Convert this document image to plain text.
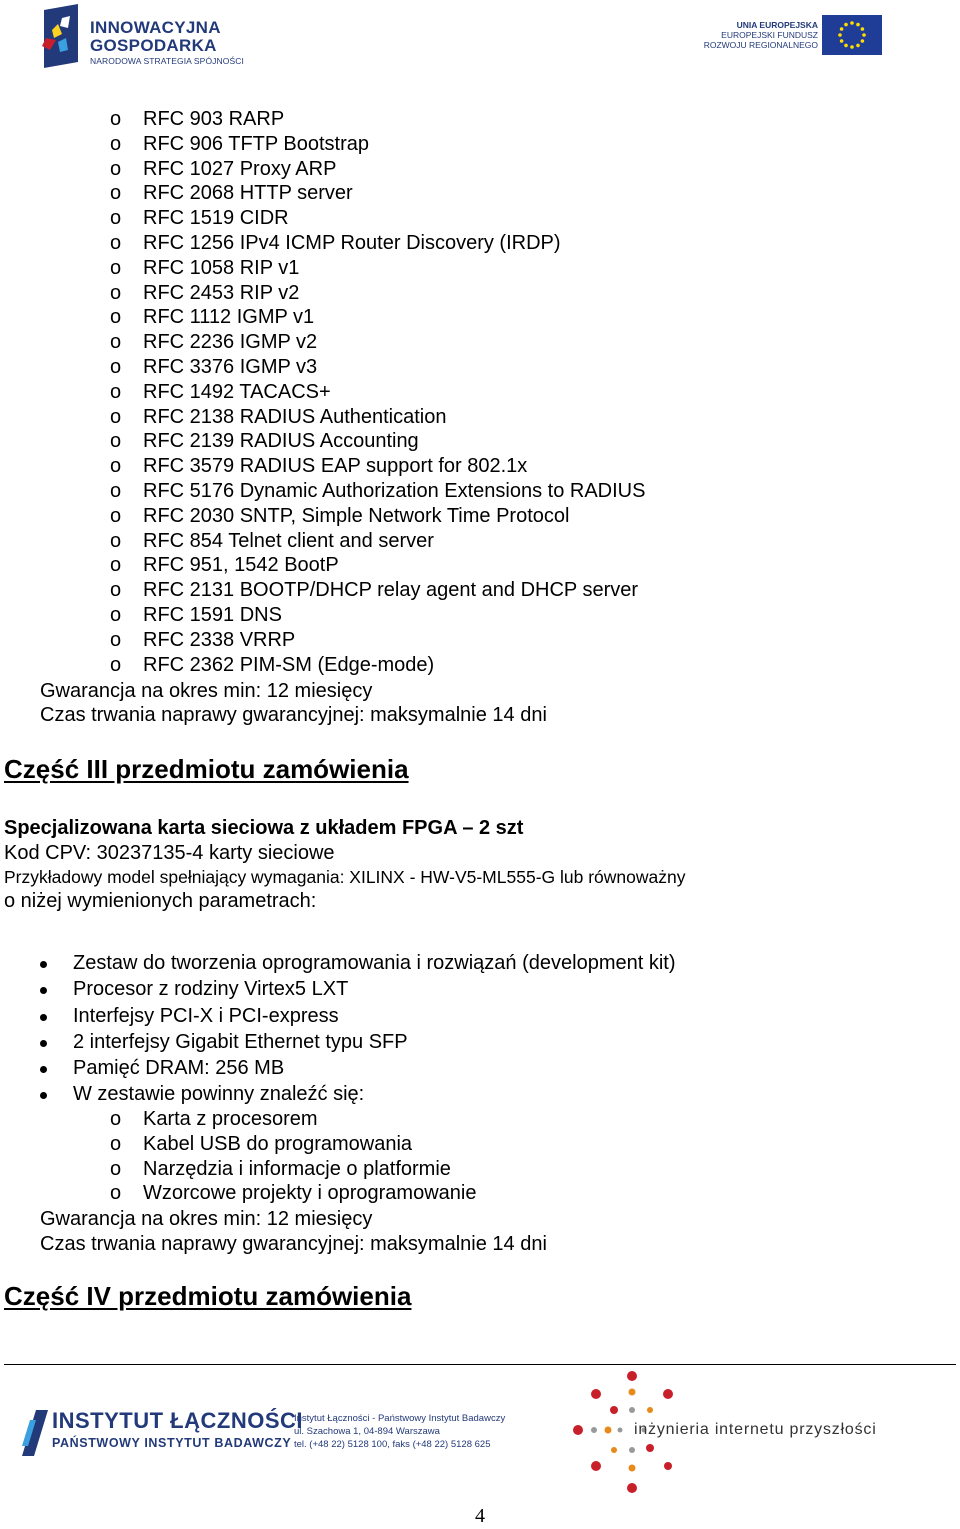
INNOWACYJNA
GOSPODARKA
NARODOWA STRATEGIA SPÓJNOŚCI
UNIA EUROPEJSKA
EUROPEJSKI FUNDUSZ
ROZWOJU REGIONALNEGO
o RFC 903 RARP
o RFC 906 TFTP Bootstrap
o RFC 1027 Proxy ARP
o RFC 2068 HTTP server
o RFC 1519 CIDR
o RFC 1256 IPv4 ICMP Router Discovery (IRDP)
o RFC 1058 RIP v1
o RFC 2453 RIP v2
o RFC 1112 IGMP v1
o RFC 2236 IGMP v2
o RFC 3376 IGMP v3
o RFC 1492 TACACS+
o RFC 2138 RADIUS Authentication
o RFC 2139 RADIUS Accounting
o RFC 3579 RADIUS EAP support for 802.1x
o RFC 5176 Dynamic Authorization Extensions to RADIUS
o RFC 2030 SNTP, Simple Network Time Protocol
o RFC 854 Telnet client and server
o RFC 951, 1542 BootP
o RFC 2131 BOOTP/DHCP relay agent and DHCP server
o RFC 1591 DNS
o RFC 2338 VRRP
o RFC 2362 PIM-SM (Edge-mode)
Gwarancja na okres min: 12 miesięcy
Czas trwania naprawy gwarancyjnej: maksymalnie 14 dni
Część III przedmiotu zamówienia
Specjalizowana karta sieciowa z układem FPGA – 2 szt
Kod CPV: 30237135-4 karty sieciowe
Przykładowy model spełniający wymagania: XILINX - HW-V5-ML555-G lub równoważny
o niżej wymienionych parametrach:
Zestaw do tworzenia oprogramowania i rozwiązań (development kit)
Procesor z rodziny Virtex5 LXT
Interfejsy PCI-X i PCI-express
2 interfejsy Gigabit Ethernet typu SFP
Pamięć DRAM: 256 MB
W zestawie powinny znaleźć się:
o Karta z procesorem
o Kabel USB do programowania
o Narzędzia i informacje o platformie
o Wzorcowe projekty i oprogramowanie
Gwarancja na okres min: 12 miesięcy
Czas trwania naprawy gwarancyjnej: maksymalnie 14 dni
Część IV przedmiotu zamówienia
INSTYTUT ŁĄCZNOŚCI
PAŃSTWOWY INSTYTUT BADAWCZY
Instytut Łączności - Państwowy Instytut Badawczy
ul. Szachowa 1, 04-894 Warszawa
tel. (+48 22) 5128 100, faks (+48 22) 5128 625
inżynieria internetu przyszłości
4
